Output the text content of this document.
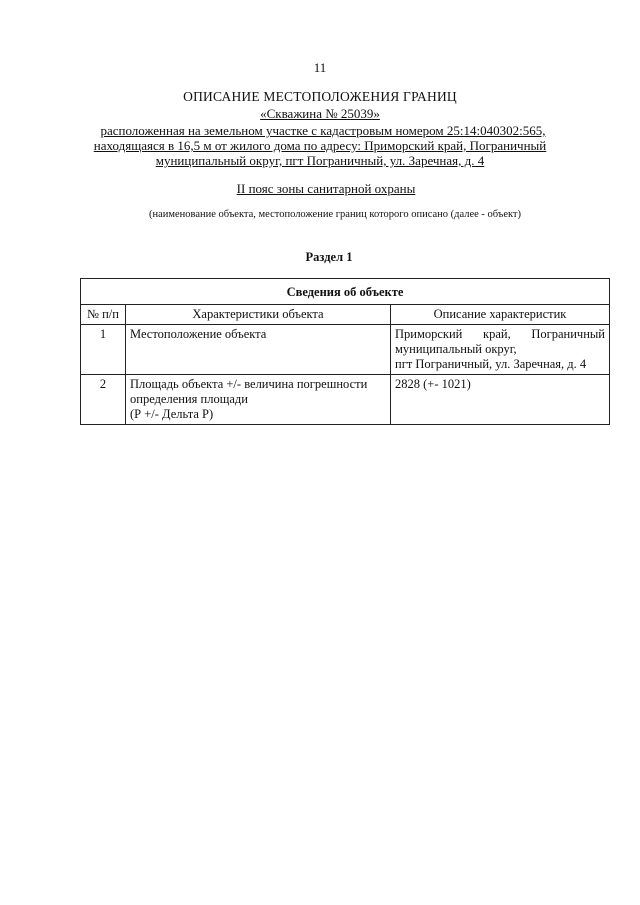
11
ОПИСАНИЕ МЕСТОПОЛОЖЕНИЯ ГРАНИЦ
«Скважина № 25039»
расположенная на земельном участке с кадастровым номером 25:14:040302:565,
находящаяся в 16,5 м от жилого дома по адресу: Приморский край, Пограничный
муниципальный округ, пгт Пограничный, ул. Заречная, д. 4
II пояс зоны санитарной охраны
(наименование объекта, местоположение границ которого описано (далее - объект)
Раздел 1
Сведения об объекте		
№ п/п	Характеристики объекта	Описание характеристик
1	Местоположение объекта	Приморский край, Пограничный
муниципальный округ,
пгт Пограничный, ул. Заречная, д. 4

2	Площадь объекта +/- величина погрешности
определения площади
(Р +/- Дельта Р)	2828 (+- 1021)
